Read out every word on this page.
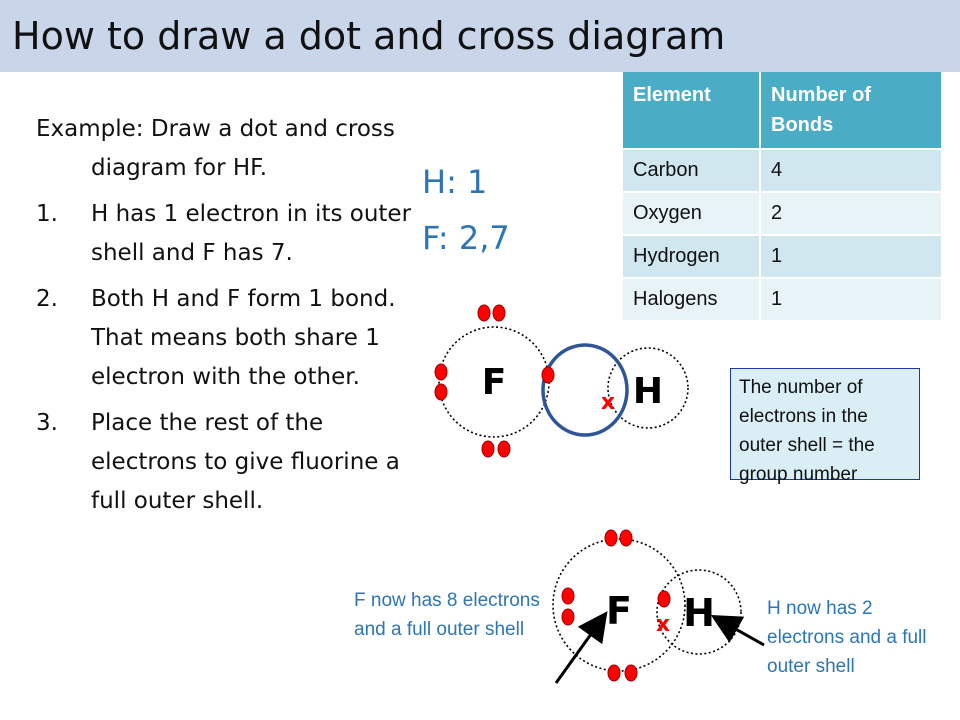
How to draw a dot and cross diagram
Example: Draw a dot and cross diagram for HF.
1.	H has 1 electron in its outer shell and F has 7.
2.	Both H and F form 1 bond. That means both share 1 electron with the other.
3.	Place the rest of the electrons to give fluorine a full outer shell.
H: 1
F: 2,7
Element	Number of Bonds
Carbon	4
Oxygen	2
Hydrogen	1
Halogens	1
The number of electrons in the outer shell = the group number
F now has 8 electrons and a full outer shell
H now has 2 electrons and a full outer shell
F	H
x
F H
x
